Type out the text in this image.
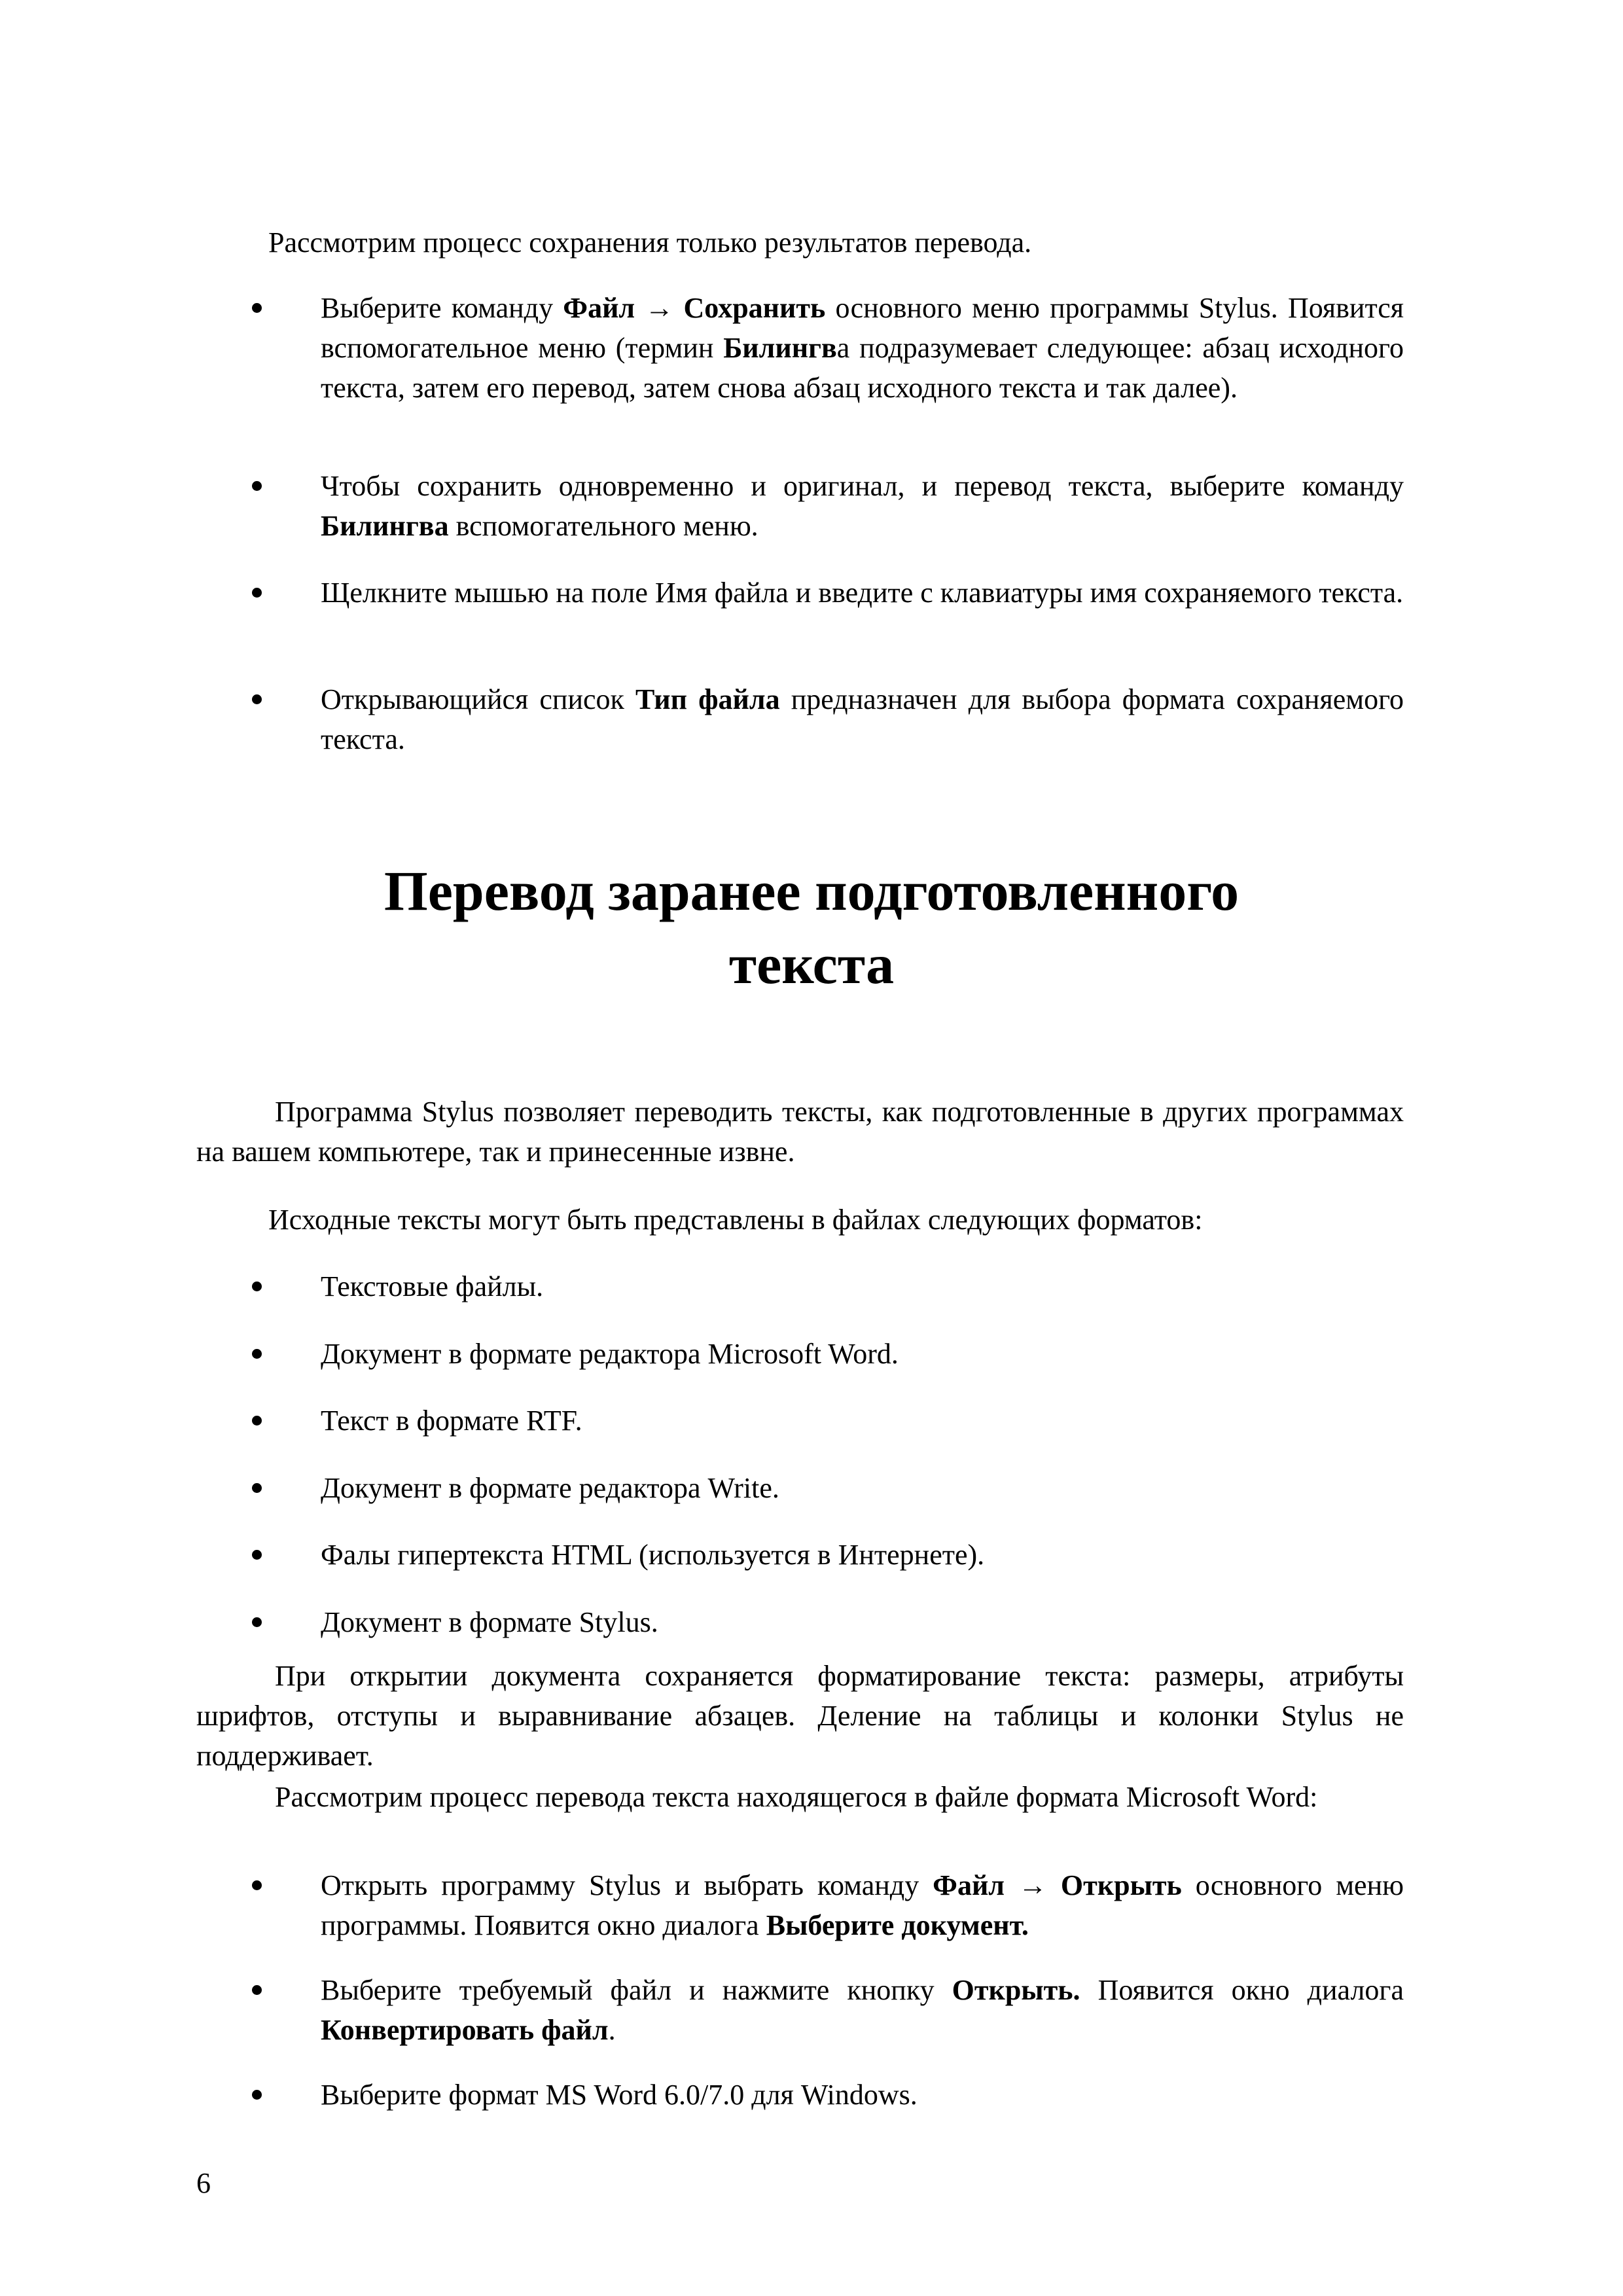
Рассмотрим процесс сохранения только результатов перевода.

Выберите команду Файл → Сохранить основного меню программы Stylus. Появится вспомогательное меню (термин Билингва подразумевает следующее: абзац исходного текста, затем его перевод, затем снова абзац исходного текста и так далее).

Чтобы сохранить одновременно и оригинал, и перевод текста, выберите команду Билингва вспомогательного меню.

Щелкните мышью на поле Имя файла и введите с клавиатуры имя сохраняемого текста.

Открывающийся список Тип файла предназначен для выбора формата сохраняемого текста.

Перевод заранее подготовленного
текста

Программа Stylus позволяет переводить тексты, как подготовленные в других программах на вашем компьютере, так и принесенные извне.

Исходные тексты могут быть представлены в файлах следующих форматов:

Текстовые файлы.

Документ в формате редактора Microsoft Word.

Текст в формате RTF.

Документ в формате редактора Write.

Фалы гипертекста HTML (используется в Интернете).

Документ в формате Stylus.

При открытии документа сохраняется форматирование текста: размеры, атрибуты шрифтов, отступы и выравнивание абзацев. Деление на таблицы и колонки Stylus не поддерживает.

Рассмотрим процесс перевода текста находящегося в файле формата Microsoft Word:

Открыть программу Stylus и выбрать команду Файл → Открыть основного меню программы. Появится окно диалога Выберите документ.

Выберите требуемый файл и нажмите кнопку Открыть. Появится окно диалога Конвертировать файл.

Выберите формат MS Word 6.0/7.0 для Windows.

6
